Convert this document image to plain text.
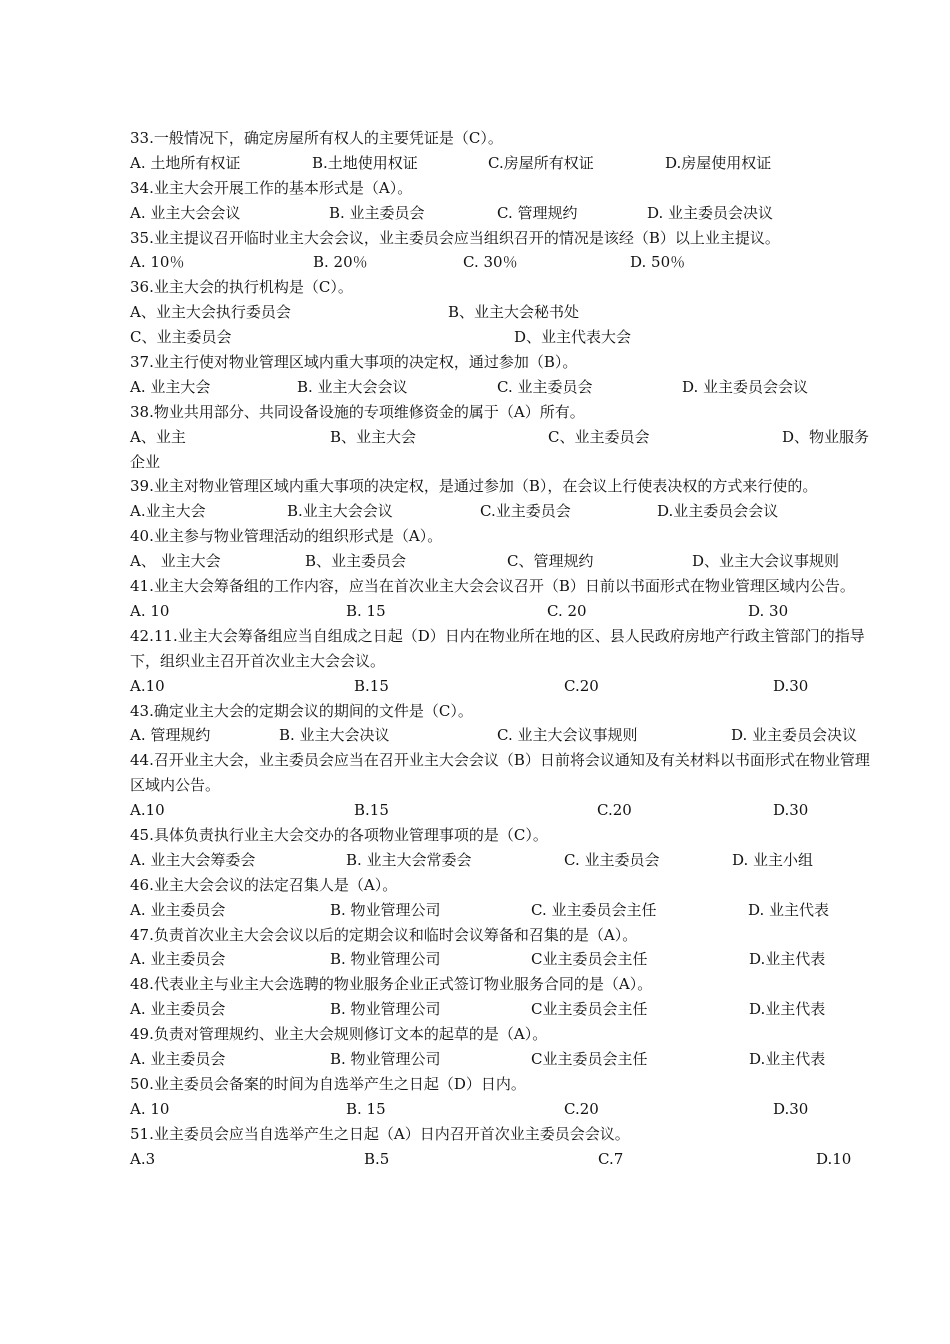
33.一般情况下，确定房屋所有权人的主要凭证是（C）。
A. 土地所有权证	B.土地使用权证	C.房屋所有权证	D.房屋使用权证
34.业主大会开展工作的基本形式是（A）。
A. 业主大会会议	B. 业主委员会	C. 管理规约	D. 业主委员会决议
35.业主提议召开临时业主大会会议，业主委员会应当组织召开的情况是该经（B）以上业主提议。
A. 10％	B. 20％	C. 30％	D. 50％
36.业主大会的执行机构是（C）。
A、业主大会执行委员会	B、业主大会秘书处
C、业主委员会	D、业主代表大会
37.业主行使对物业管理区域内重大事项的决定权，通过参加（B）。
A. 业主大会	B. 业主大会会议	C. 业主委员会	D. 业主委员会会议
38.物业共用部分、共同设备设施的专项维修资金的属于（A）所有。
A、业主	B、业主大会	C、业主委员会	D、物业服务
企业
39.业主对物业管理区域内重大事项的决定权，是通过参加（B），在会议上行使表决权的方式来行使的。
A.业主大会	B.业主大会会议	C.业主委员会	D.业主委员会会议
40.业主参与物业管理活动的组织形式是（A）。
A、 业主大会	B、业主委员会	C、管理规约	D、业主大会议事规则
41.业主大会筹备组的工作内容，应当在首次业主大会会议召开（B）日前以书面形式在物业管理区域内公告。
A. 10	B. 15	C. 20	D. 30
42.11.业主大会筹备组应当自组成之日起（D）日内在物业所在地的区、县人民政府房地产行政主管部门的指导下，组织业主召开首次业主大会会议。
A.10	B.15	C.20	D.30
43.确定业主大会的定期会议的期间的文件是（C）。
A. 管理规约	B. 业主大会决议	C. 业主大会议事规则	D. 业主委员会决议
44.召开业主大会，业主委员会应当在召开业主大会会议（B）日前将会议通知及有关材料以书面形式在物业管理区域内公告。
A.10	B.15	C.20	D.30
45.具体负责执行业主大会交办的各项物业管理事项的是（C）。
A. 业主大会筹委会	B. 业主大会常委会	C. 业主委员会	D. 业主小组
46.业主大会会议的法定召集人是（A）。
A. 业主委员会	B. 物业管理公司	C. 业主委员会主任	D. 业主代表
47.负责首次业主大会会议以后的定期会议和临时会议筹备和召集的是（A）。
A. 业主委员会	B. 物业管理公司	C业主委员会主任	D.业主代表
48.代表业主与业主大会选聘的物业服务企业正式签订物业服务合同的是（A）。
A. 业主委员会	B. 物业管理公司	C业主委员会主任	D.业主代表
49.负责对管理规约、业主大会规则修订文本的起草的是（A）。
A. 业主委员会	B. 物业管理公司	C业主委员会主任	D.业主代表
50.业主委员会备案的时间为自选举产生之日起（D）日内。
A. 10	B. 15	C.20	D.30
51.业主委员会应当自选举产生之日起（A）日内召开首次业主委员会会议。
A.3	B.5	C.7	D.10
